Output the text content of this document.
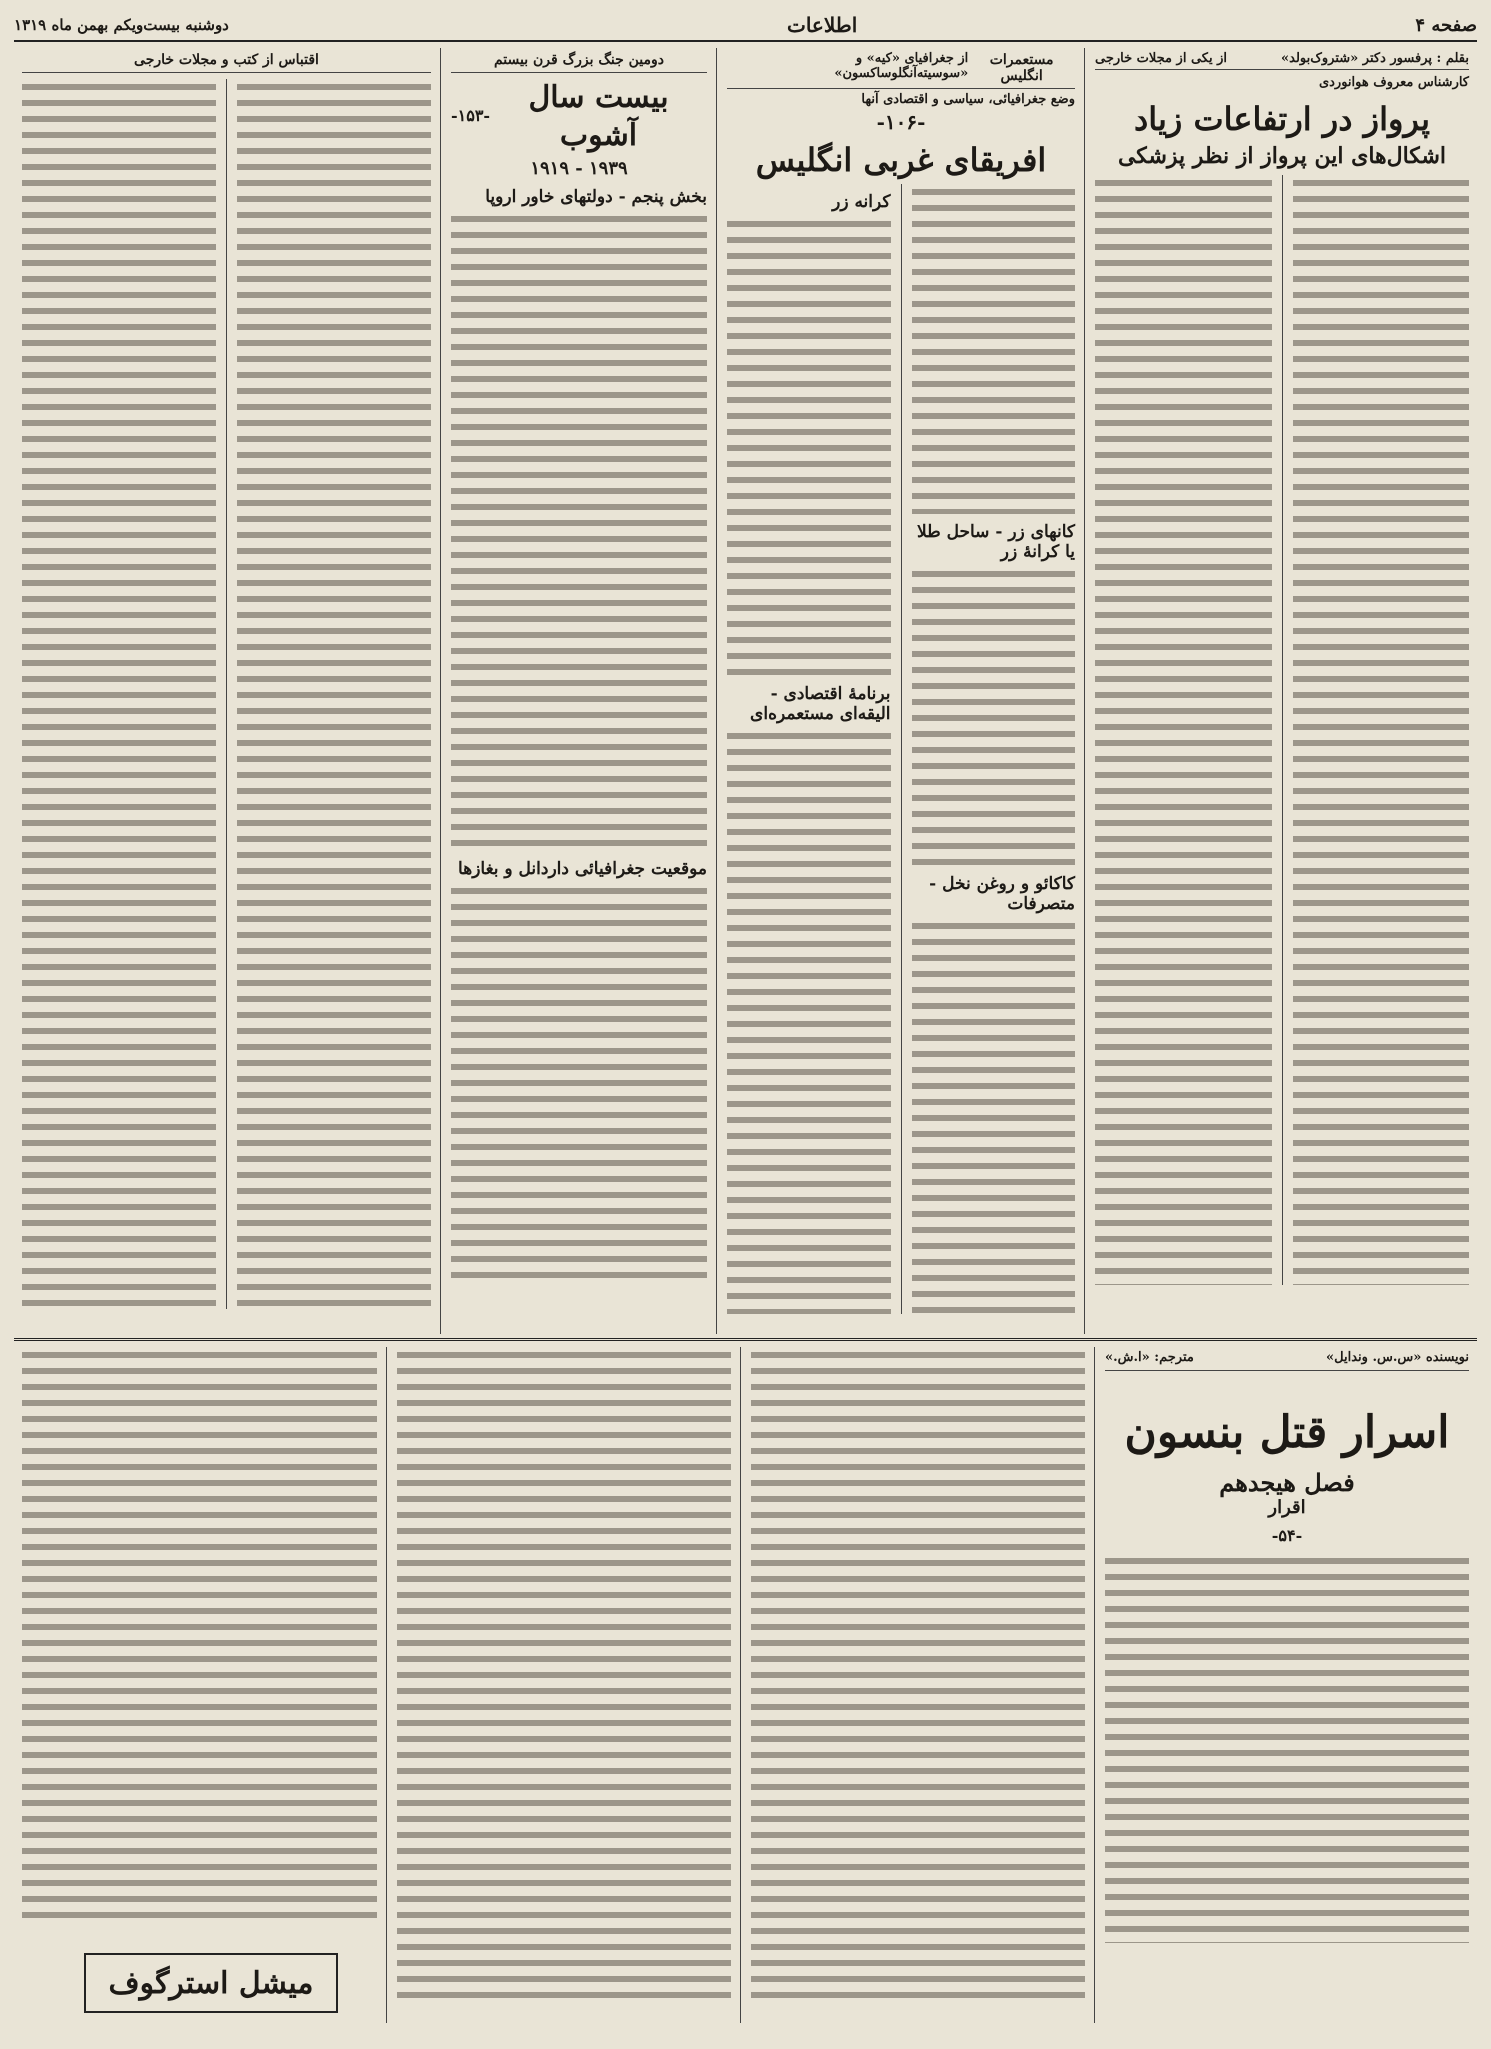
صفحه ۴
اطلاعات
دوشنبه بیست‌ویکم بهمن ماه ۱۳۱۹
بقلم : پرفسور دکتر «شتروک‌بولد»
از یکی از مجلات خارجی
کارشناس معروف هوانوردی
پرواز در ارتفاعات زیاد
اشکال‌های این پرواز از نظر پزشکی
مستعمرات انگلیس
از جغرافیای «کیه» و «سوسیته‌آنگلو‌ساکسون»
وضع جغرافیائی، سیاسی و اقتصادی آنها
-۱۰۶-
افریقای غربی انگلیس
کانهای زر - ساحل طلا یا کرانهٔ زر
کاکائو و روغن نخل - متصرفات
کرانه زر
برنامهٔ اقتصادی - الیقه‌ای مستعمره‌ای
دومین جنگ بزرگ قرن بیستم
بیست سال آشوب
-۱۵۳-
۱۹۳۹ - ۱۹۱۹
بخش پنجم - دولتهای خاور اروپا
موقعیت جغرافیائی داردانل و بغازها
اقتباس از کتب و مجلات خارجی
نویسنده «س.س. وندایل»
مترجم: «ا.ش.»
اسرار قتل بنسون
فصل هیجدهم
اقرار
-۵۴-
میشل استرگوف
